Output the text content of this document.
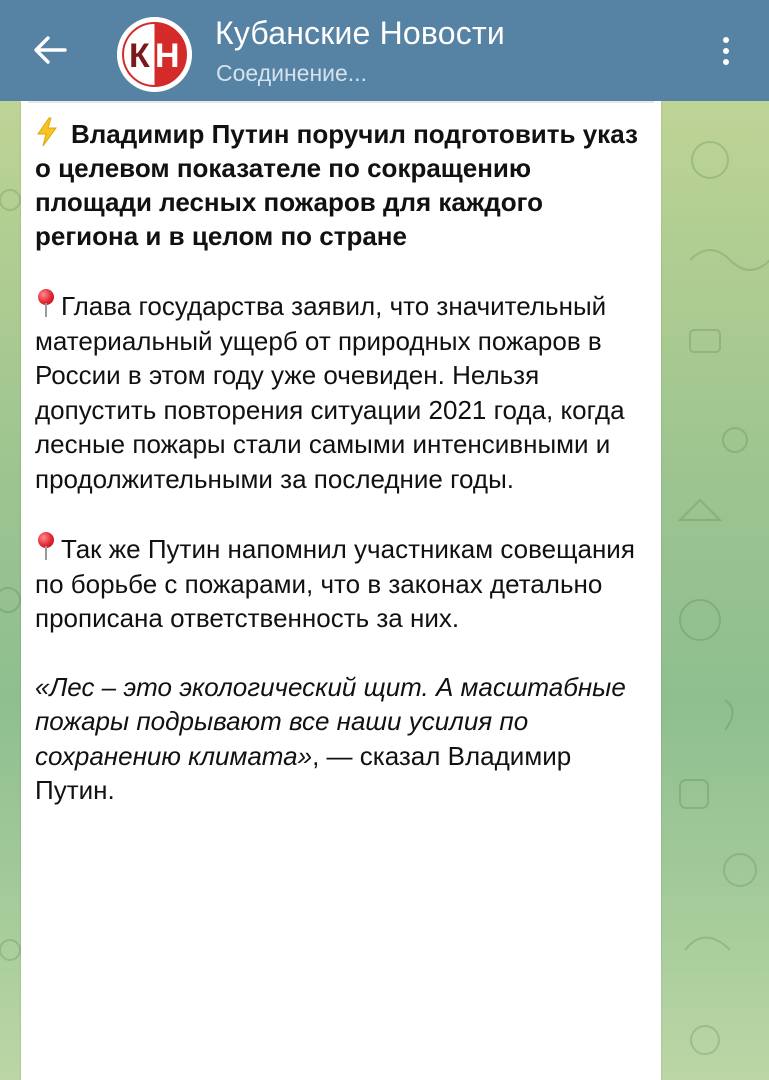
К Н
Кубанские Новости
Соединение...

Владимир Путин поручил подготовить указ о целевом показателе по сокращению площади лесных пожаров для каждого региона и в целом по стране

Глава государства заявил, что значительный материальный ущерб от природных пожаров в России в этом году уже очевиден. Нельзя допустить повторения ситуации 2021 года, когда лесные пожары стали самыми интенсивными и продолжительными за последние годы.

Так же Путин напомнил участникам совещания по борьбе с пожарами, что в законах детально прописана ответственность за них.

«Лес – это экологический щит. А масштабные пожары подрывают все наши усилия по сохранению климата», — сказал Владимир Путин.
